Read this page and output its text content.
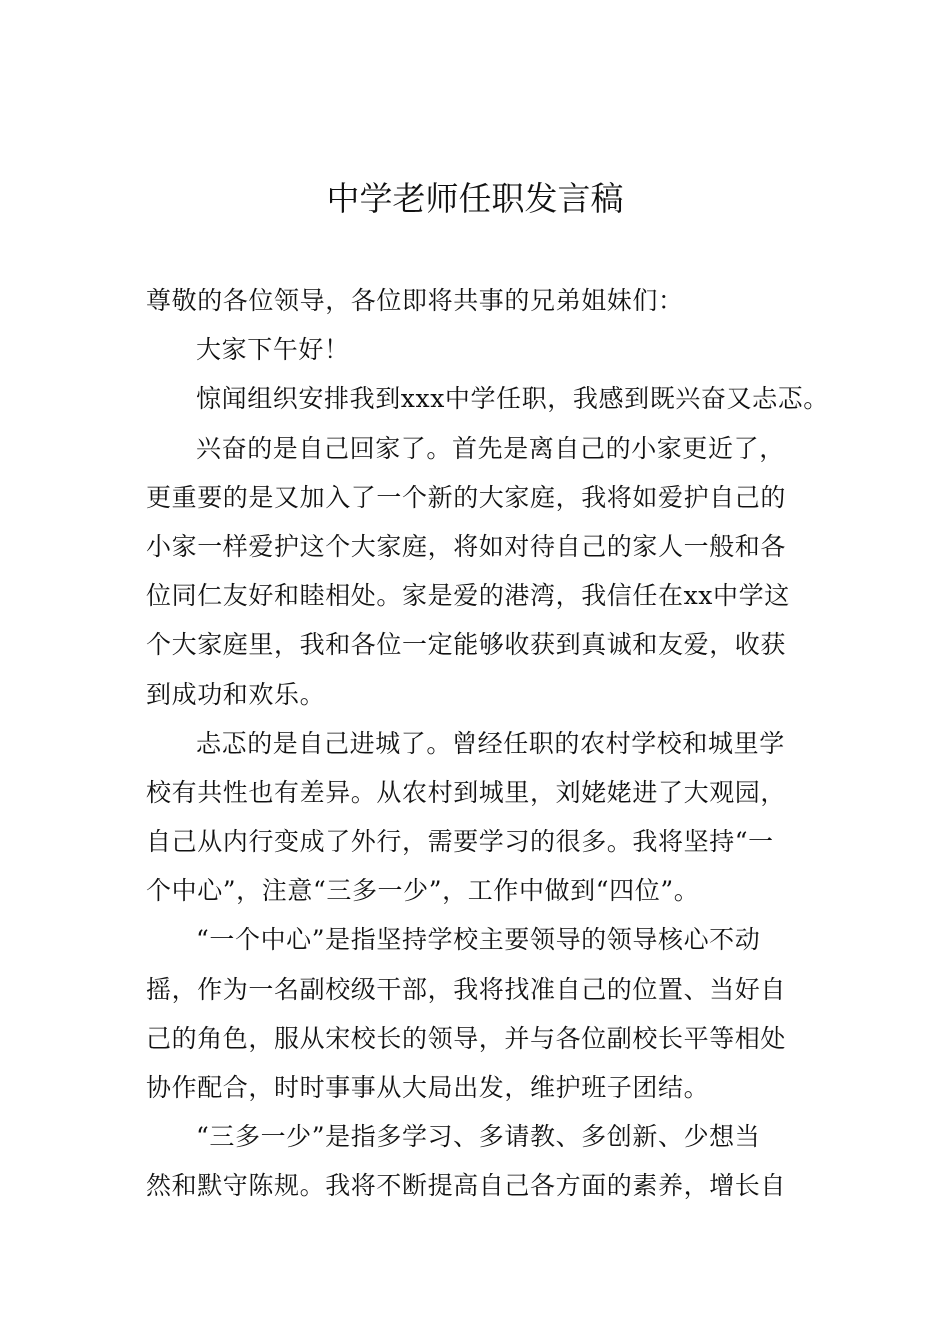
中学老师任职发言稿
尊敬的各位领导，各位即将共事的兄弟姐妹们：
大家下午好！
惊闻组织安排我到xxx中学任职，我感到既兴奋又忐忑。
兴奋的是自己回家了。首先是离自己的小家更近了，
更重要的是又加入了一个新的大家庭，我将如爱护自己的
小家一样爱护这个大家庭，将如对待自己的家人一般和各
位同仁友好和睦相处。家是爱的港湾，我信任在xx中学这
个大家庭里，我和各位一定能够收获到真诚和友爱，收获
到成功和欢乐。
忐忑的是自己进城了。曾经任职的农村学校和城里学
校有共性也有差异。从农村到城里，刘姥姥进了大观园，
自己从内行变成了外行，需要学习的很多。我将坚持“一
个中心”，注意“三多一少”，工作中做到“四位”。
“一个中心”是指坚持学校主要领导的领导核心不动
摇，作为一名副校级干部，我将找准自己的位置、当好自
己的角色，服从宋校长的领导，并与各位副校长平等相处
协作配合，时时事事从大局出发，维护班子团结。
“三多一少”是指多学习、多请教、多创新、少想当
然和默守陈规。我将不断提高自己各方面的素养，增长自
